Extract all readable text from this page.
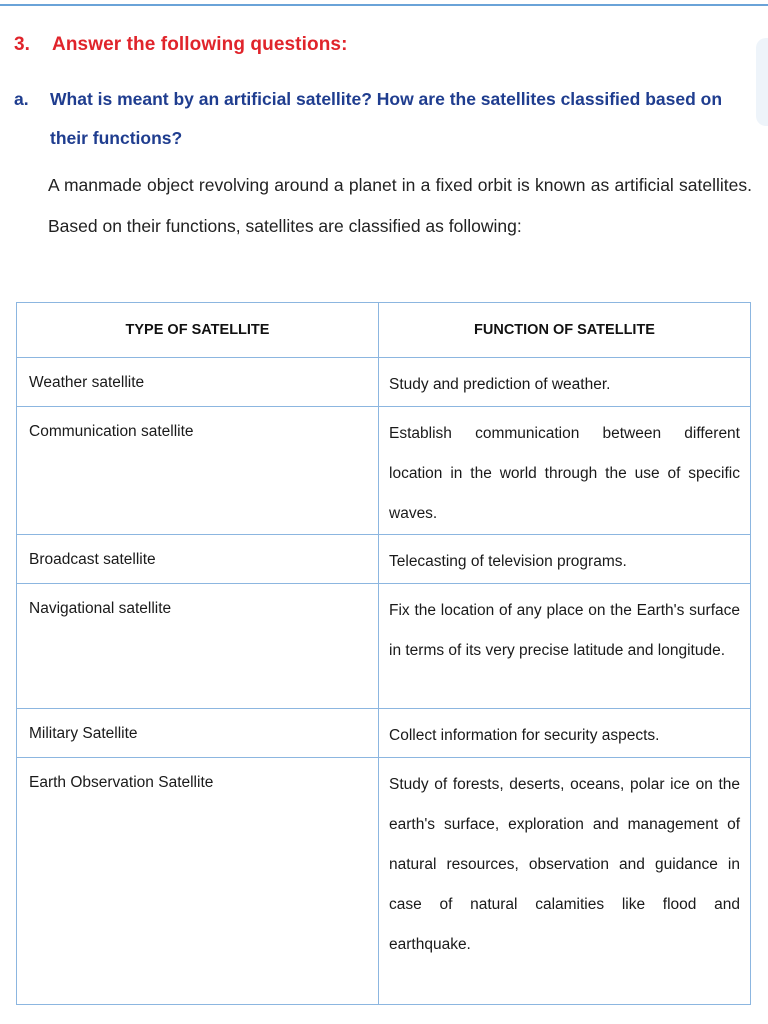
3. Answer the following questions:
a. What is meant by an artificial satellite? How are the satellites classified based on their functions?
A manmade object revolving around a planet in a fixed orbit is known as artificial satellites. Based on their functions, satellites are classified as following:
TYPE OF SATELLITE	FUNCTION OF SATELLITE
Weather satellite	Study and prediction of weather.
Communication satellite	Establish communication between different location in the world through the use of specific waves.
Broadcast satellite	Telecasting of television programs.
Navigational satellite	Fix the location of any place on the Earth's surface in terms of its very precise latitude and longitude.
Military Satellite	Collect information for security aspects.
Earth Observation Satellite	Study of forests, deserts, oceans, polar ice on the earth's surface, exploration and management of natural resources, observation and guidance in case of natural calamities like flood and earthquake.
